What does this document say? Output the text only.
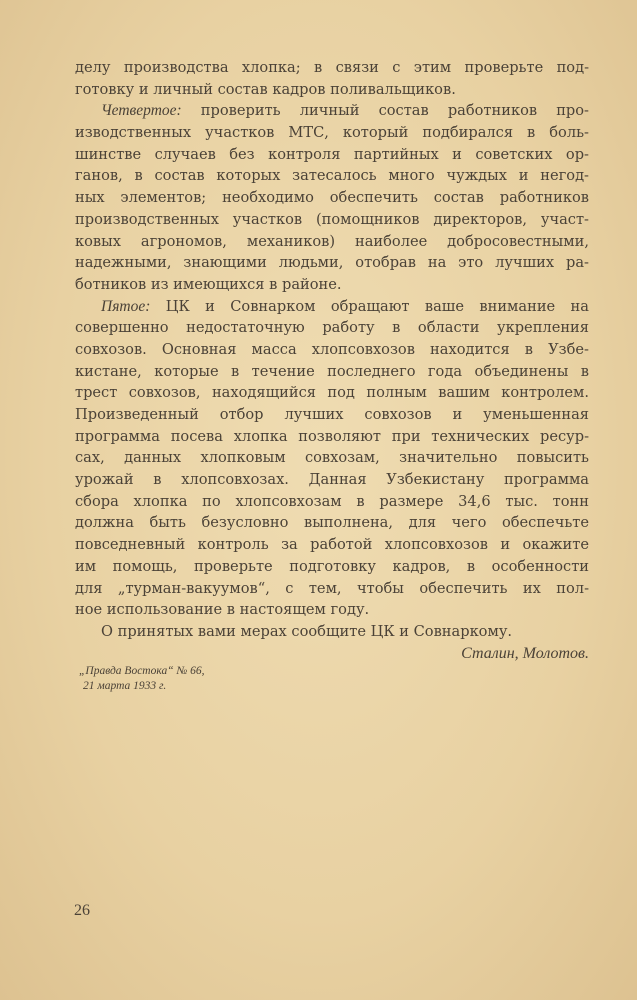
делу производства хлопка; в связи с этим проверьте под-
готовку и личный состав кадров поливальщиков.
Четвертое: проверить личный состав работников про-
изводственных участков МТС, который подбирался в боль-
шинстве случаев без контроля партийных и советских ор-
ганов, в состав которых затесалось много чуждых и негод-
ных элементов; необходимо обеспечить состав работников
производственных участков (помощников директоров, участ-
ковых агрономов, механиков) наиболее добросовестными,
надежными, знающими людьми, отобрав на это лучших ра-
ботников из имеющихся в районе.
Пятое: ЦК и Совнарком обращают ваше внимание на
совершенно недостаточную работу в области укрепления
совхозов. Основная масса хлопсовхозов находится в Узбе-
кистане, которые в течение последнего года объединены в
трест совхозов, находящийся под полным вашим контролем.
Произведенный отбор лучших совхозов и уменьшенная
программа посева хлопка позволяют при технических ресур-
сах, данных хлопковым совхозам, значительно повысить
урожай в хлопсовхозах. Данная Узбекистану программа
сбора хлопка по хлопсовхозам в размере 34,6 тыс. тонн
должна быть безусловно выполнена, для чего обеспечьте
повседневный контроль за работой хлопсовхозов и окажите
им помощь, проверьте подготовку кадров, в особенности
для „турман-вакуумов“, с тем, чтобы обеспечить их пол-
ное использование в настоящем году.
О принятых вами мерах сообщите ЦК и Совнаркому.
Сталин, Молотов.
„Правда Востока“ № 66,
21 марта 1933 г.
26
